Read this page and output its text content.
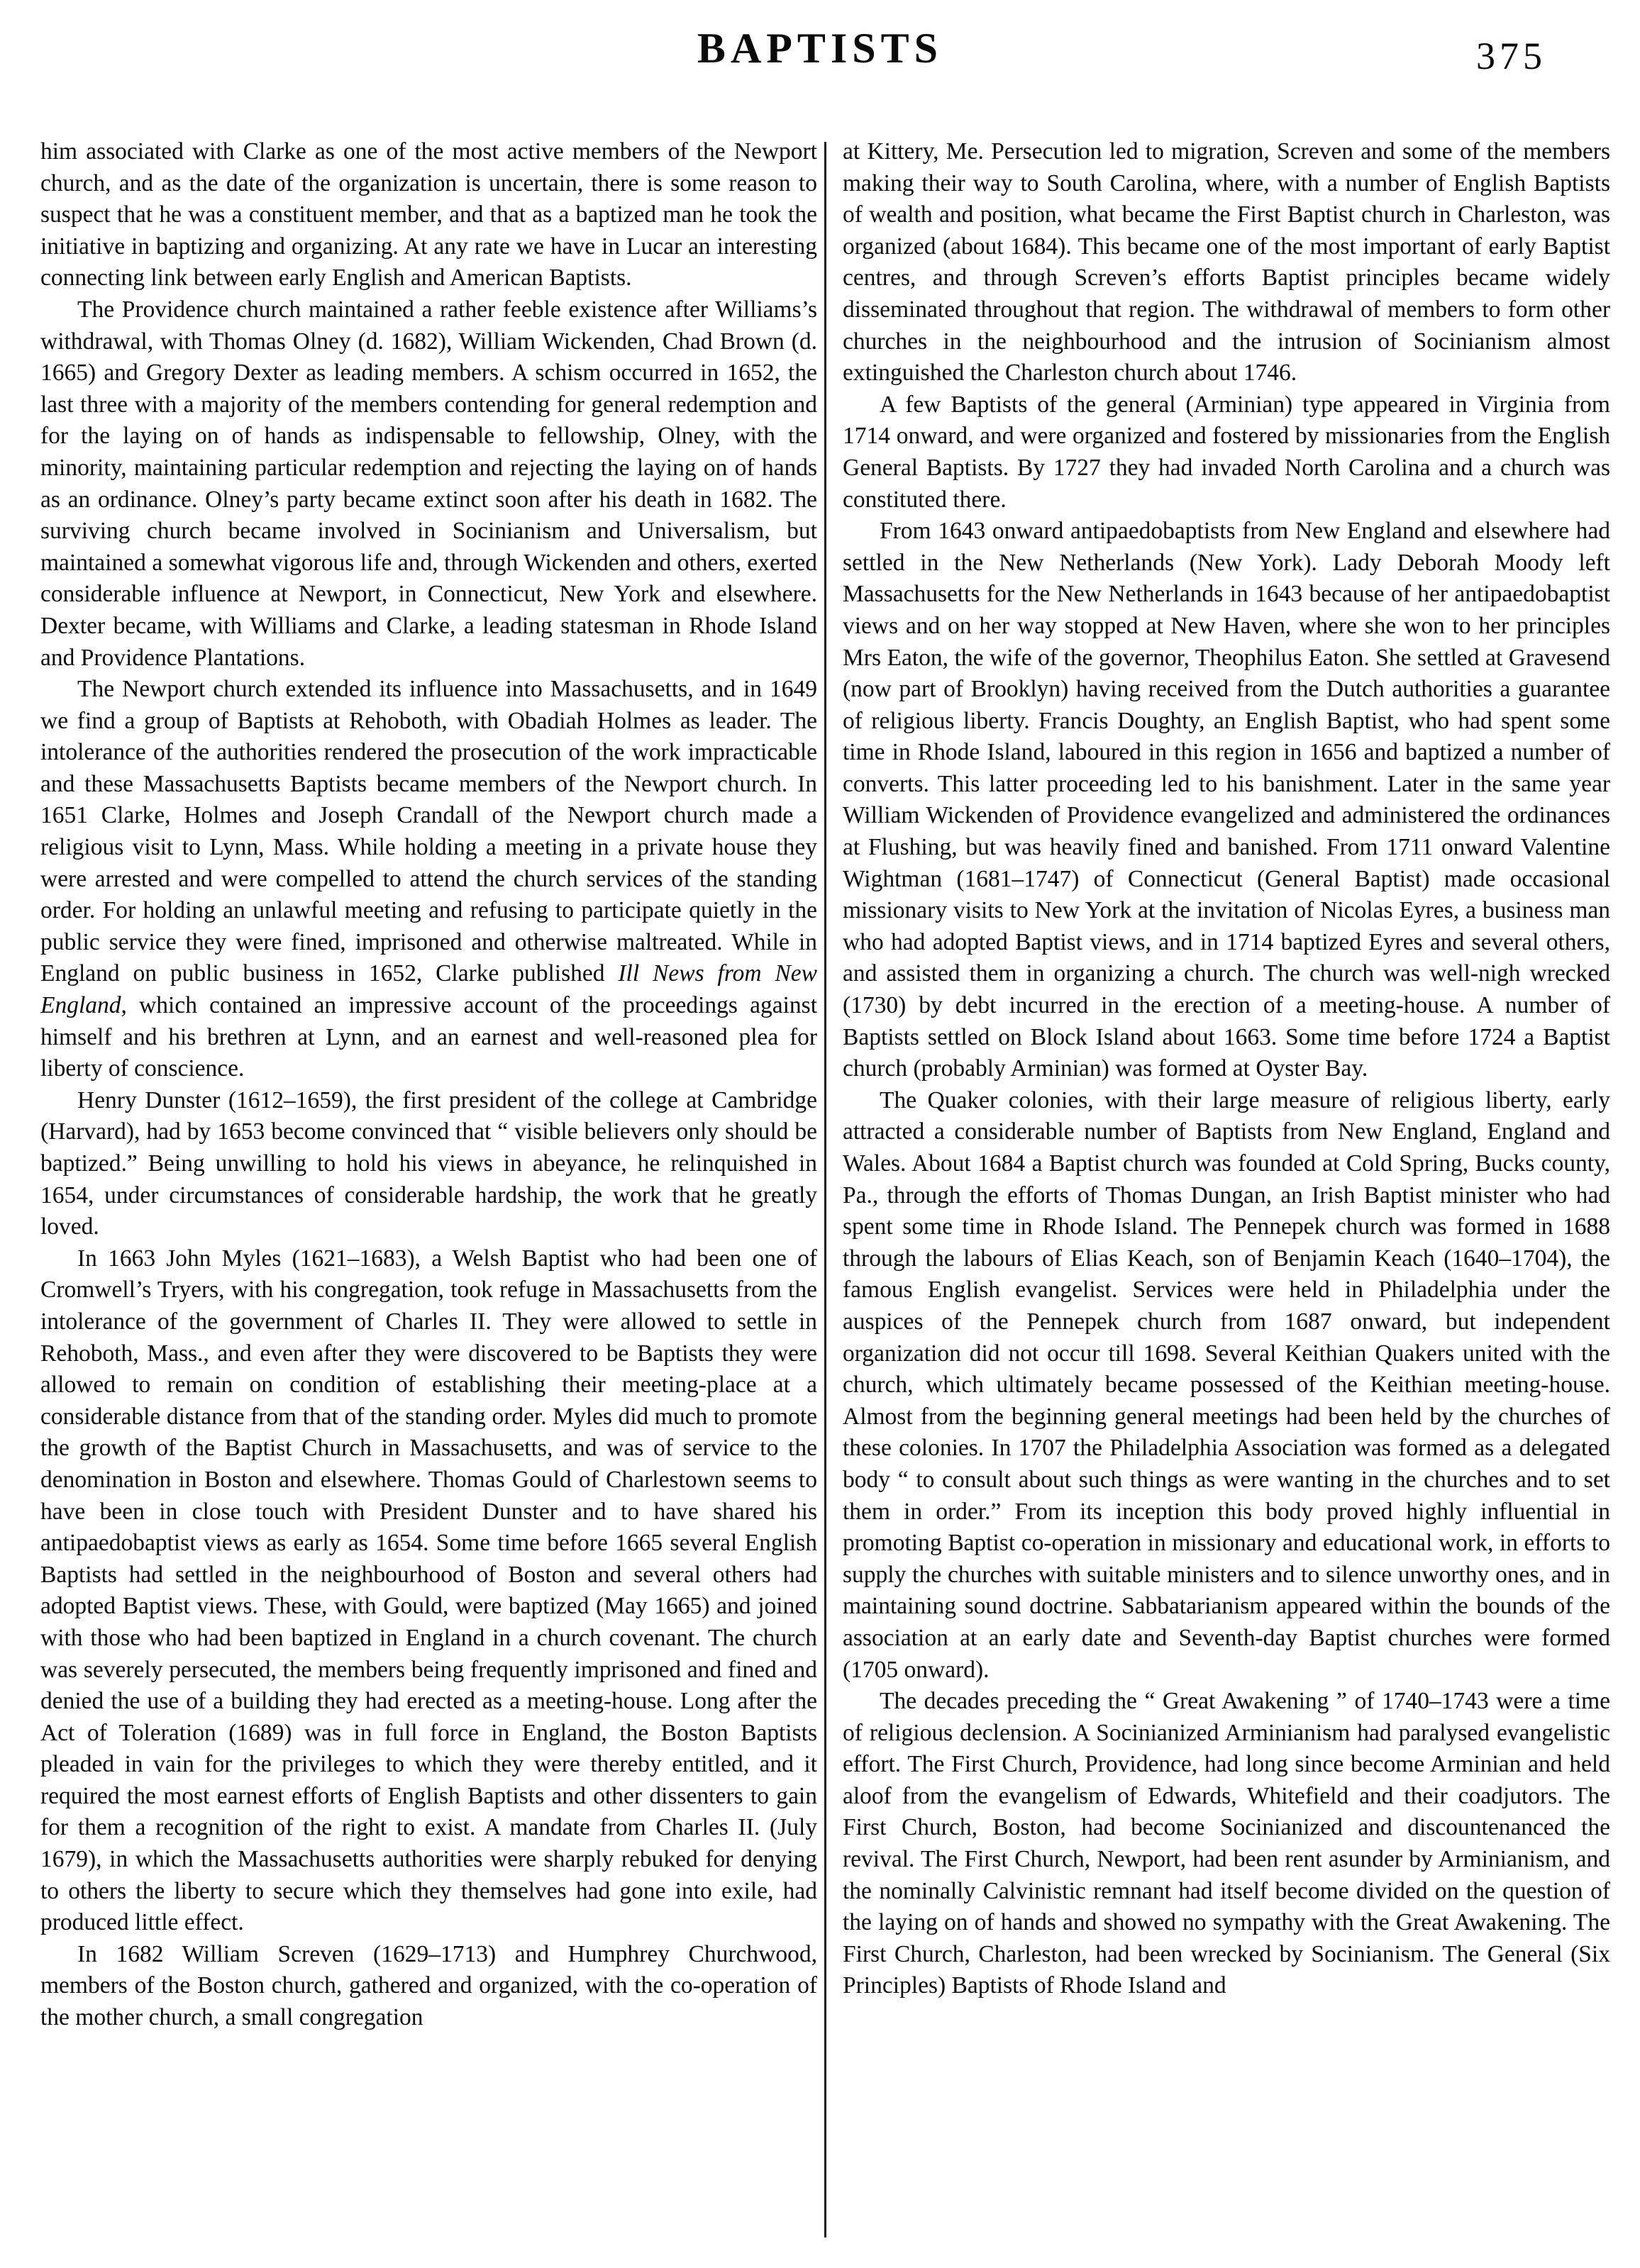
BAPTISTS	375

him associated with Clarke as one of the most active members of the Newport church, and as the date of the organization is uncertain, there is some reason to suspect that he was a constituent member, and that as a baptized man he took the initiative in baptizing and organizing. At any rate we have in Lucar an interesting connecting link between early English and American Baptists.

The Providence church maintained a rather feeble existence after Williams’s withdrawal, with Thomas Olney (d. 1682), William Wickenden, Chad Brown (d. 1665) and Gregory Dexter as leading members. A schism occurred in 1652, the last three with a majority of the members contending for general redemption and for the laying on of hands as indispensable to fellowship, Olney, with the minority, maintaining particular redemption and rejecting the laying on of hands as an ordinance. Olney’s party became extinct soon after his death in 1682. The surviving church became involved in Socinianism and Universalism, but maintained a somewhat vigorous life and, through Wickenden and others, exerted considerable influence at Newport, in Connecticut, New York and elsewhere. Dexter became, with Williams and Clarke, a leading statesman in Rhode Island and Providence Plantations.

The Newport church extended its influence into Massachusetts, and in 1649 we find a group of Baptists at Rehoboth, with Obadiah Holmes as leader. The intolerance of the authorities rendered the prosecution of the work impracticable and these Massachusetts Baptists became members of the Newport church. In 1651 Clarke, Holmes and Joseph Crandall of the Newport church made a religious visit to Lynn, Mass. While holding a meeting in a private house they were arrested and were compelled to attend the church services of the standing order. For holding an unlawful meeting and refusing to participate quietly in the public service they were fined, imprisoned and otherwise maltreated. While in England on public business in 1652, Clarke published Ill News from New England, which contained an impressive account of the proceedings against himself and his brethren at Lynn, and an earnest and well-reasoned plea for liberty of conscience.

Henry Dunster (1612–1659), the first president of the college at Cambridge (Harvard), had by 1653 become convinced that “ visible believers only should be baptized.” Being unwilling to hold his views in abeyance, he relinquished in 1654, under circumstances of considerable hardship, the work that he greatly loved.

In 1663 John Myles (1621–1683), a Welsh Baptist who had been one of Cromwell’s Tryers, with his congregation, took refuge in Massachusetts from the intolerance of the government of Charles II. They were allowed to settle in Rehoboth, Mass., and even after they were discovered to be Baptists they were allowed to remain on condition of establishing their meeting-place at a considerable distance from that of the standing order. Myles did much to promote the growth of the Baptist Church in Massachusetts, and was of service to the denomination in Boston and elsewhere. Thomas Gould of Charlestown seems to have been in close touch with President Dunster and to have shared his antipaedobaptist views as early as 1654. Some time before 1665 several English Baptists had settled in the neighbourhood of Boston and several others had adopted Baptist views. These, with Gould, were baptized (May 1665) and joined with those who had been baptized in England in a church covenant. The church was severely persecuted, the members being frequently imprisoned and fined and denied the use of a building they had erected as a meeting-house. Long after the Act of Toleration (1689) was in full force in England, the Boston Baptists pleaded in vain for the privileges to which they were thereby entitled, and it required the most earnest efforts of English Baptists and other dissenters to gain for them a recognition of the right to exist. A mandate from Charles II. (July 1679), in which the Massachusetts authorities were sharply rebuked for denying to others the liberty to secure which they themselves had gone into exile, had produced little effect.

In 1682 William Screven (1629–1713) and Humphrey Churchwood, members of the Boston church, gathered and organized, with the co-operation of the mother church, a small congregation

at Kittery, Me. Persecution led to migration, Screven and some of the members making their way to South Carolina, where, with a number of English Baptists of wealth and position, what became the First Baptist church in Charleston, was organized (about 1684). This became one of the most important of early Baptist centres, and through Screven’s efforts Baptist principles became widely disseminated throughout that region. The withdrawal of members to form other churches in the neighbourhood and the intrusion of Socinianism almost extinguished the Charleston church about 1746.

A few Baptists of the general (Arminian) type appeared in Virginia from 1714 onward, and were organized and fostered by missionaries from the English General Baptists. By 1727 they had invaded North Carolina and a church was constituted there.

From 1643 onward antipaedobaptists from New England and elsewhere had settled in the New Netherlands (New York). Lady Deborah Moody left Massachusetts for the New Netherlands in 1643 because of her antipaedobaptist views and on her way stopped at New Haven, where she won to her principles Mrs Eaton, the wife of the governor, Theophilus Eaton. She settled at Gravesend (now part of Brooklyn) having received from the Dutch authorities a guarantee of religious liberty. Francis Doughty, an English Baptist, who had spent some time in Rhode Island, laboured in this region in 1656 and baptized a number of converts. This latter proceeding led to his banishment. Later in the same year William Wickenden of Providence evangelized and administered the ordinances at Flushing, but was heavily fined and banished. From 1711 onward Valentine Wightman (1681–1747) of Connecticut (General Baptist) made occasional missionary visits to New York at the invitation of Nicolas Eyres, a business man who had adopted Baptist views, and in 1714 baptized Eyres and several others, and assisted them in organizing a church. The church was well-nigh wrecked (1730) by debt incurred in the erection of a meeting-house. A number of Baptists settled on Block Island about 1663. Some time before 1724 a Baptist church (probably Arminian) was formed at Oyster Bay.

The Quaker colonies, with their large measure of religious liberty, early attracted a considerable number of Baptists from New England, England and Wales. About 1684 a Baptist church was founded at Cold Spring, Bucks county, Pa., through the efforts of Thomas Dungan, an Irish Baptist minister who had spent some time in Rhode Island. The Pennepek church was formed in 1688 through the labours of Elias Keach, son of Benjamin Keach (1640–1704), the famous English evangelist. Services were held in Philadelphia under the auspices of the Pennepek church from 1687 onward, but independent organization did not occur till 1698. Several Keithian Quakers united with the church, which ultimately became possessed of the Keithian meeting-house. Almost from the beginning general meetings had been held by the churches of these colonies. In 1707 the Philadelphia Association was formed as a delegated body “ to consult about such things as were wanting in the churches and to set them in order.” From its inception this body proved highly influential in promoting Baptist co-operation in missionary and educational work, in efforts to supply the churches with suitable ministers and to silence unworthy ones, and in maintaining sound doctrine. Sabbatarianism appeared within the bounds of the association at an early date and Seventh-day Baptist churches were formed (1705 onward).

The decades preceding the “ Great Awakening ” of 1740–1743 were a time of religious declension. A Socinianized Arminianism had paralysed evangelistic effort. The First Church, Providence, had long since become Arminian and held aloof from the evangelism of Edwards, Whitefield and their coadjutors. The First Church, Boston, had become Socinianized and discountenanced the revival. The First Church, Newport, had been rent asunder by Arminianism, and the nominally Calvinistic remnant had itself become divided on the question of the laying on of hands and showed no sympathy with the Great Awakening. The First Church, Charleston, had been wrecked by Socinianism. The General (Six Principles) Baptists of Rhode Island and
